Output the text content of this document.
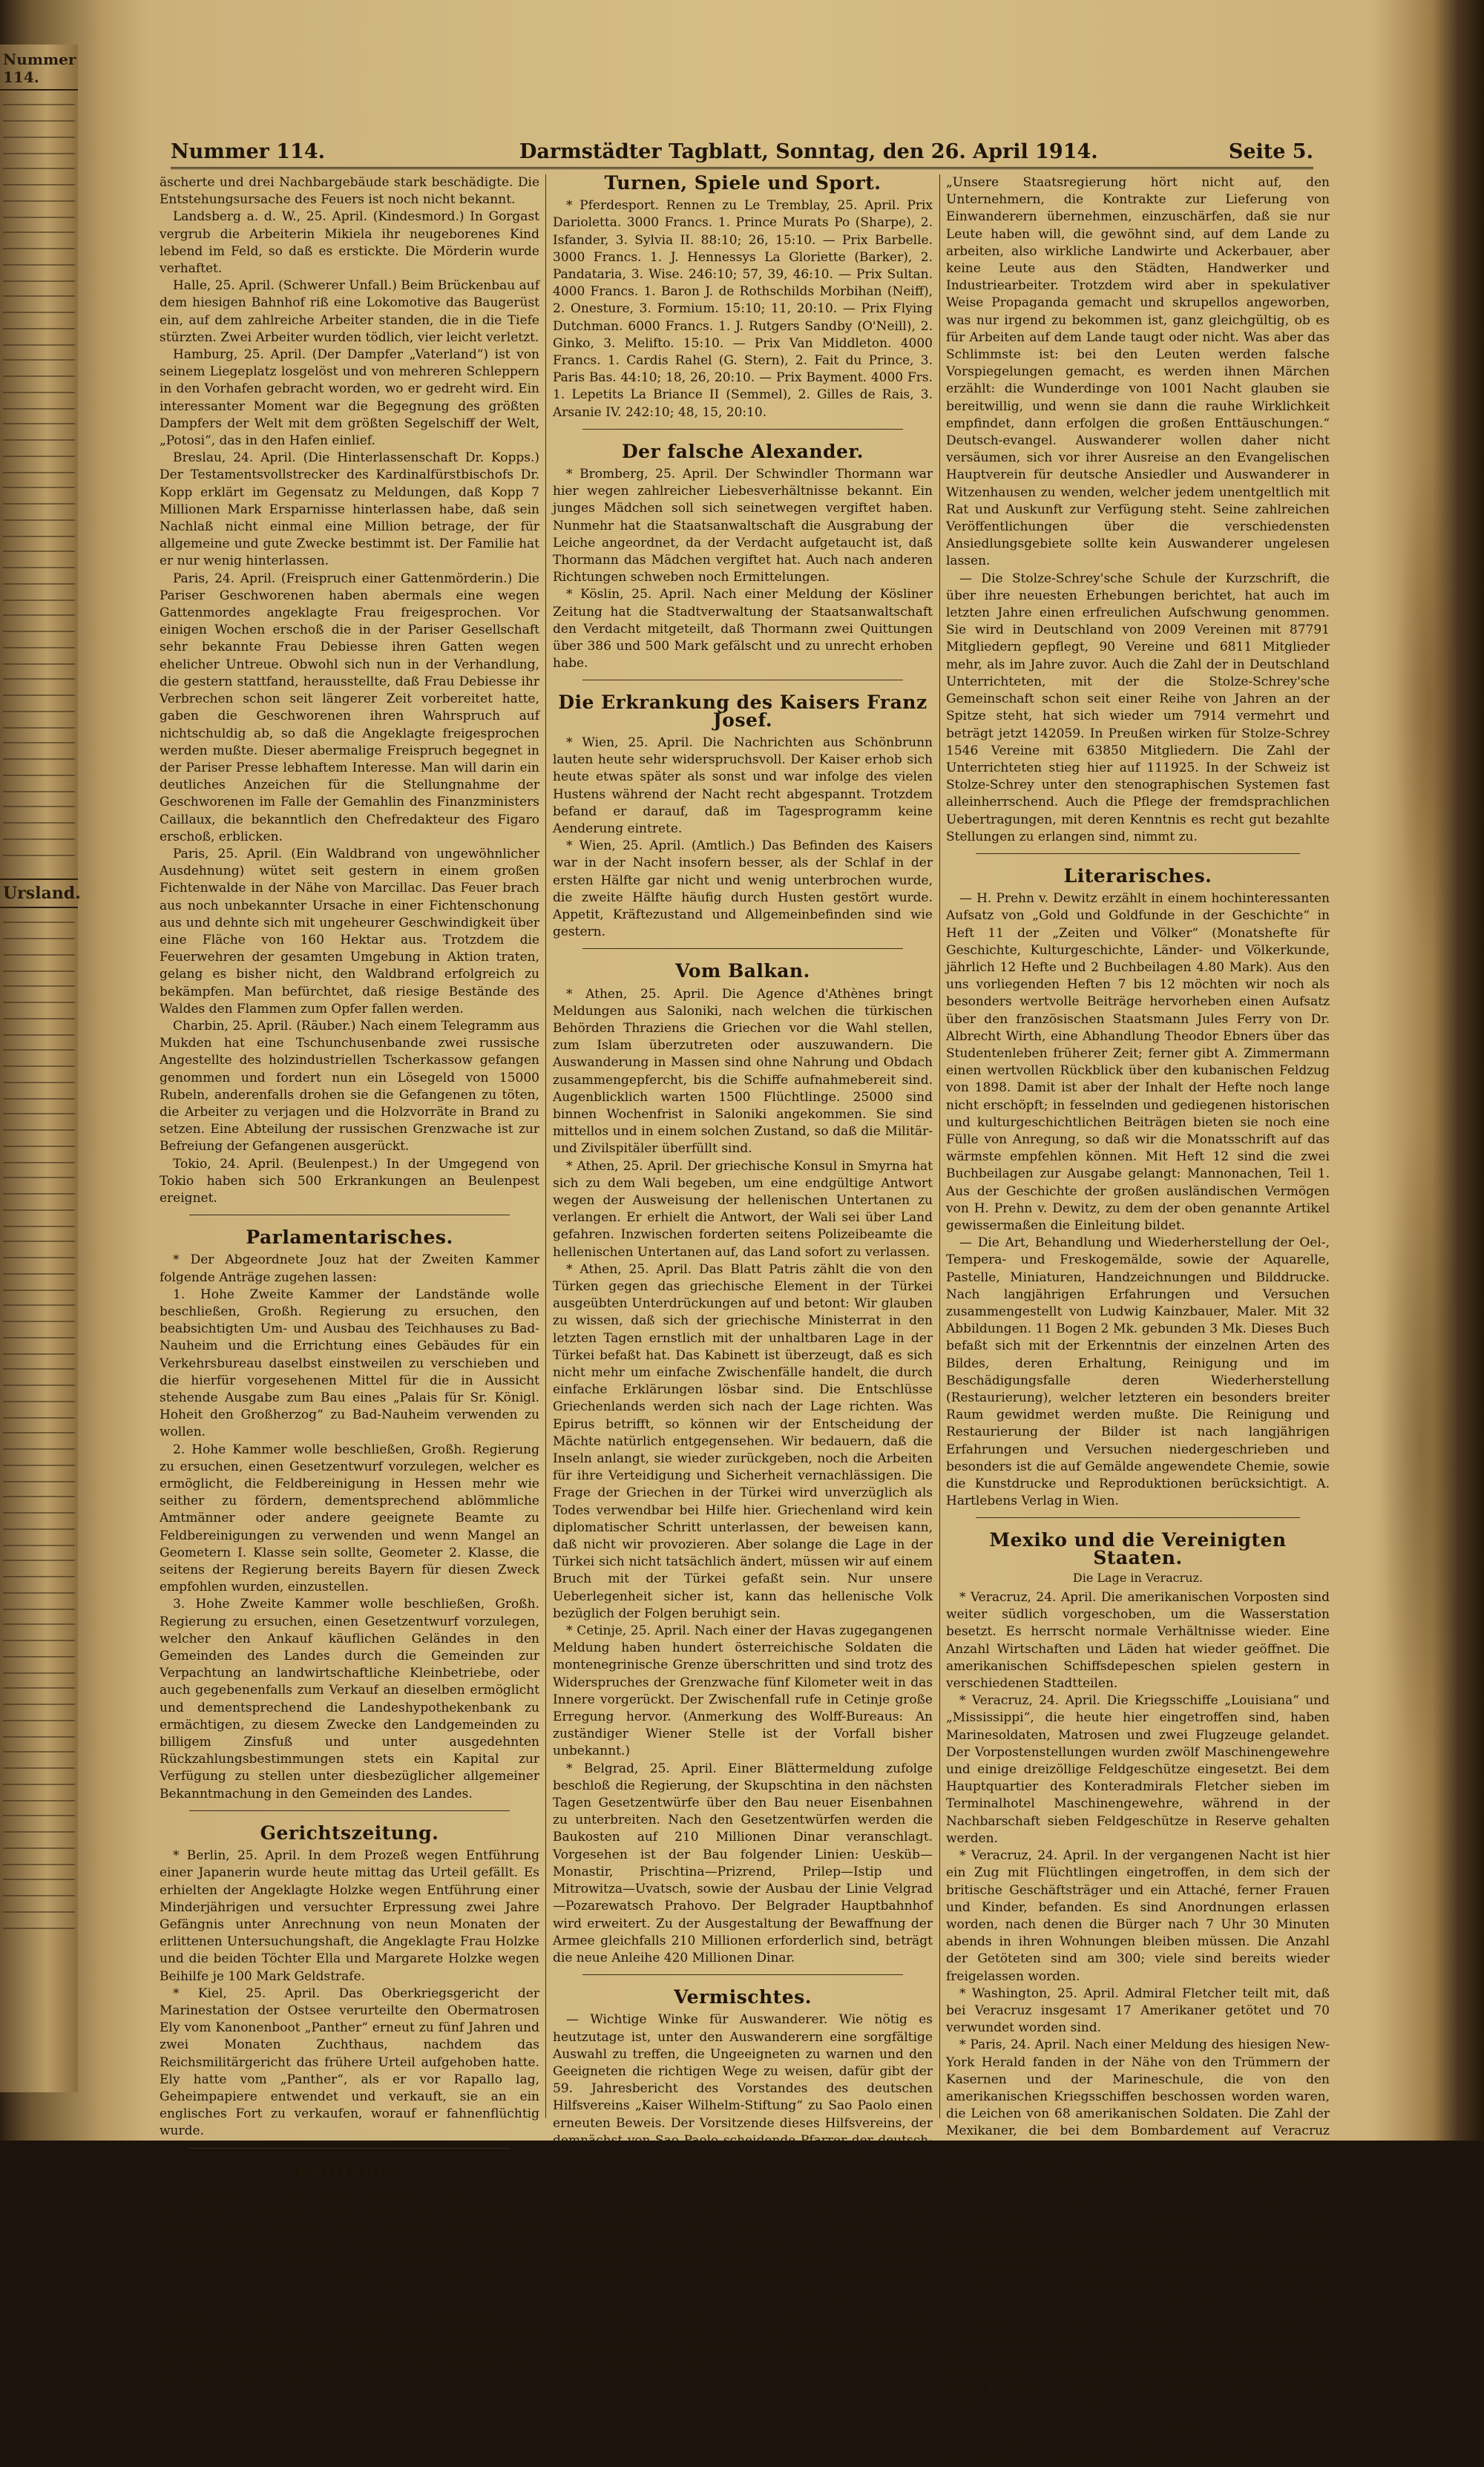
Nummer 114.
Ursland.
Nummer 114.	Darmstädter Tagblatt, Sonntag, den 26. April 1914.	Seite 5.

äscherte und drei Nachbargebäude stark beschädigte. Die Entstehungsursache des Feuers ist noch nicht bekannt.

Landsberg a. d. W., 25. April. (Kindesmord.) In Gorgast vergrub die Arbeiterin Mikiela ihr neugeborenes Kind lebend im Feld, so daß es erstickte. Die Mörderin wurde verhaftet.

Halle, 25. April. (Schwerer Unfall.) Beim Brückenbau auf dem hiesigen Bahnhof riß eine Lokomotive das Baugerüst ein, auf dem zahlreiche Arbeiter standen, die in die Tiefe stürzten. Zwei Arbeiter wurden tödlich, vier leicht verletzt.

Hamburg, 25. April. (Der Dampfer „Vaterland“) ist von seinem Liegeplatz losgelöst und von mehreren Schleppern in den Vorhafen gebracht worden, wo er gedreht wird. Ein interessanter Moment war die Begegnung des größten Dampfers der Welt mit dem größten Segelschiff der Welt, „Potosi“, das in den Hafen einlief.

Breslau, 24. April. (Die Hinterlassenschaft Dr. Kopps.) Der Testamentsvollstrecker des Kardinalfürstbischofs Dr. Kopp erklärt im Gegensatz zu Meldungen, daß Kopp 7 Millionen Mark Ersparnisse hinterlassen habe, daß sein Nachlaß nicht einmal eine Million betrage, der für allgemeine und gute Zwecke bestimmt ist. Der Familie hat er nur wenig hinterlassen.

Paris, 24. April. (Freispruch einer Gattenmörderin.) Die Pariser Geschworenen haben abermals eine wegen Gattenmordes angeklagte Frau freigesprochen. Vor einigen Wochen erschoß die in der Pariser Gesellschaft sehr bekannte Frau Debiesse ihren Gatten wegen ehelicher Untreue. Obwohl sich nun in der Verhandlung, die gestern stattfand, herausstellte, daß Frau Debiesse ihr Verbrechen schon seit längerer Zeit vorbereitet hatte, gaben die Geschworenen ihren Wahrspruch auf nichtschuldig ab, so daß die Angeklagte freigesprochen werden mußte. Dieser abermalige Freispruch begegnet in der Pariser Presse lebhaftem Interesse. Man will darin ein deutliches Anzeichen für die Stellungnahme der Geschworenen im Falle der Gemahlin des Finanzministers Caillaux, die bekanntlich den Chefredakteur des Figaro erschoß, erblicken.

Paris, 25. April. (Ein Waldbrand von ungewöhnlicher Ausdehnung) wütet seit gestern in einem großen Fichtenwalde in der Nähe von Marcillac. Das Feuer brach aus noch unbekannter Ursache in einer Fichtenschonung aus und dehnte sich mit ungeheurer Geschwindigkeit über eine Fläche von 160 Hektar aus. Trotzdem die Feuerwehren der gesamten Umgebung in Aktion traten, gelang es bisher nicht, den Waldbrand erfolgreich zu bekämpfen. Man befürchtet, daß riesige Bestände des Waldes den Flammen zum Opfer fallen werden.

Charbin, 25. April. (Räuber.) Nach einem Telegramm aus Mukden hat eine Tschunchusenbande zwei russische Angestellte des holzindustriellen Tscherkassow gefangen genommen und fordert nun ein Lösegeld von 15000 Rubeln, anderenfalls drohen sie die Gefangenen zu töten, die Arbeiter zu verjagen und die Holzvorräte in Brand zu setzen. Eine Abteilung der russischen Grenzwache ist zur Befreiung der Gefangenen ausgerückt.

Tokio, 24. April. (Beulenpest.) In der Umgegend von Tokio haben sich 500 Erkrankungen an Beulenpest ereignet.

Parlamentarisches.

* Der Abgeordnete Jouz hat der Zweiten Kammer folgende Anträge zugehen lassen:

1. Hohe Zweite Kammer der Landstände wolle beschließen, Großh. Regierung zu ersuchen, den beabsichtigten Um- und Ausbau des Teichhauses zu Bad-Nauheim und die Errichtung eines Gebäudes für ein Verkehrsbureau daselbst einstweilen zu verschieben und die hierfür vorgesehenen Mittel für die in Aussicht stehende Ausgabe zum Bau eines „Palais für Sr. Königl. Hoheit den Großherzog“ zu Bad-Nauheim verwenden zu wollen.

2. Hohe Kammer wolle beschließen, Großh. Regierung zu ersuchen, einen Gesetzentwurf vorzulegen, welcher es ermöglicht, die Feldbereinigung in Hessen mehr wie seither zu fördern, dementsprechend ablömmliche Amtmänner oder andere geeignete Beamte zu Feldbereinigungen zu verwenden und wenn Mangel an Geometern I. Klasse sein sollte, Geometer 2. Klasse, die seitens der Regierung bereits Bayern für diesen Zweck empfohlen wurden, einzustellen.

3. Hohe Zweite Kammer wolle beschließen, Großh. Regierung zu ersuchen, einen Gesetzentwurf vorzulegen, welcher den Ankauf käuflichen Geländes in den Gemeinden des Landes durch die Gemeinden zur Verpachtung an landwirtschaftliche Kleinbetriebe, oder auch gegebenenfalls zum Verkauf an dieselben ermöglicht und dementsprechend die Landeshypothekenbank zu ermächtigen, zu diesem Zwecke den Landgemeinden zu billigem Zinsfuß und unter ausgedehnten Rückzahlungsbestimmungen stets ein Kapital zur Verfügung zu stellen unter diesbezüglicher allgemeiner Bekanntmachung in den Gemeinden des Landes.

Gerichtszeitung.

* Berlin, 25. April. In dem Prozeß wegen Entführung einer Japanerin wurde heute mittag das Urteil gefällt. Es erhielten der Angeklagte Holzke wegen Entführung einer Minderjährigen und versuchter Erpressung zwei Jahre Gefängnis unter Anrechnung von neun Monaten der erlittenen Untersuchungshaft, die Angeklagte Frau Holzke und die beiden Töchter Ella und Margarete Holzke wegen Beihilfe je 100 Mark Geldstrafe.

* Kiel, 25. April. Das Oberkriegsgericht der Marinestation der Ostsee verurteilte den Obermatrosen Ely vom Kanonenboot „Panther“ erneut zu fünf Jahren und zwei Monaten Zuchthaus, nachdem das Reichsmilitärgericht das frühere Urteil aufgehoben hatte. Ely hatte vom „Panther“, als er vor Rapallo lag, Geheimpapiere entwendet und verkauft, sie an ein englisches Fort zu verkaufen, worauf er fahnenflüchtig wurde.

Luftfahrt.

* Hamburg, 25. April. Einen tollkühnen Flug, der für die Betroffenen glimpflich endete, haben am Donnerstag die beiden Flieger Schlegel und Rohrbach gemacht. Die beiden Piloten gerieten bei einem Fluge Gotha—Schwerin—Hamburg in ein Gewitter, das die Gotha-Taube über eine halbe Stunde lang wie ein Spielzeug durch die Lüfte warf und schließlich die Maschine zu Boden schmetterte. Schlegel schreibt an die Tägliche Rundschau: Seit schossen wir der Erde zu und in unserer Maschine kam ein unerwarteter Stillstand. Glücklicherweise konnten wir uns selbst befreien. Weder ich noch mein Passagier sind ernstlich verletzt worden.

Turnen, Spiele und Sport.

* Pferdesport. Rennen zu Le Tremblay, 25. April. Prix Darioletta. 3000 Francs. 1. Prince Murats Po (Sharpe), 2. Isfander, 3. Sylvia II. 88:10; 26, 15:10. — Prix Barbelle. 3000 Francs. 1. J. Hennessys La Gloriette (Barker), 2. Pandataria, 3. Wise. 246:10; 57, 39, 46:10. — Prix Sultan. 4000 Francs. 1. Baron J. de Rothschilds Morbihan (Neiff), 2. Onesture, 3. Formium. 15:10; 11, 20:10. — Prix Flying Dutchman. 6000 Francs. 1. J. Rutgers Sandby (O'Neill), 2. Ginko, 3. Melifto. 15:10. — Prix Van Middleton. 4000 Francs. 1. Cardis Rahel (G. Stern), 2. Fait du Prince, 3. Paris Bas. 44:10; 18, 26, 20:10. — Prix Bayment. 4000 Frs. 1. Lepetits La Briance II (Semmel), 2. Gilles de Rais, 3. Arsanie IV. 242:10; 48, 15, 20:10.

Der falsche Alexander.

* Bromberg, 25. April. Der Schwindler Thormann war hier wegen zahlreicher Liebesverhältnisse bekannt. Ein junges Mädchen soll sich seinetwegen vergiftet haben. Nunmehr hat die Staatsanwaltschaft die Ausgrabung der Leiche angeordnet, da der Verdacht aufgetaucht ist, daß Thormann das Mädchen vergiftet hat. Auch nach anderen Richtungen schweben noch Ermittelungen.

* Köslin, 25. April. Nach einer Meldung der Kösliner Zeitung hat die Stadtverwaltung der Staatsanwaltschaft den Verdacht mitgeteilt, daß Thormann zwei Quittungen über 386 und 500 Mark gefälscht und zu unrecht erhoben habe.

Die Erkrankung des Kaisers Franz Josef.

* Wien, 25. April. Die Nachrichten aus Schönbrunn lauten heute sehr widerspruchsvoll. Der Kaiser erhob sich heute etwas später als sonst und war infolge des vielen Hustens während der Nacht recht abgespannt. Trotzdem befand er darauf, daß im Tagesprogramm keine Aenderung eintrete.

* Wien, 25. April. (Amtlich.) Das Befinden des Kaisers war in der Nacht insofern besser, als der Schlaf in der ersten Hälfte gar nicht und wenig unterbrochen wurde, die zweite Hälfte häufig durch Husten gestört wurde. Appetit, Kräftezustand und Allgemeinbefinden sind wie gestern.

Vom Balkan.

* Athen, 25. April. Die Agence d'Athènes bringt Meldungen aus Saloniki, nach welchen die türkischen Behörden Thraziens die Griechen vor die Wahl stellen, zum Islam überzutreten oder auszuwandern. Die Auswanderung in Massen sind ohne Nahrung und Obdach zusammengepfercht, bis die Schiffe aufnahmebereit sind. Augenblicklich warten 1500 Flüchtlinge. 25000 sind binnen Wochenfrist in Saloniki angekommen. Sie sind mittellos und in einem solchen Zustand, so daß die Militär- und Zivilspitäler überfüllt sind.

* Athen, 25. April. Der griechische Konsul in Smyrna hat sich zu dem Wali begeben, um eine endgültige Antwort wegen der Ausweisung der hellenischen Untertanen zu verlangen. Er erhielt die Antwort, der Wali sei über Land gefahren. Inzwischen forderten seitens Polizeibeamte die hellenischen Untertanen auf, das Land sofort zu verlassen.

* Athen, 25. April. Das Blatt Patris zählt die von den Türken gegen das griechische Element in der Türkei ausgeübten Unterdrückungen auf und betont: Wir glauben zu wissen, daß sich der griechische Ministerrat in den letzten Tagen ernstlich mit der unhaltbaren Lage in der Türkei befaßt hat. Das Kabinett ist überzeugt, daß es sich nicht mehr um einfache Zwischenfälle handelt, die durch einfache Erklärungen lösbar sind. Die Entschlüsse Griechenlands werden sich nach der Lage richten. Was Epirus betrifft, so können wir der Entscheidung der Mächte natürlich entgegensehen. Wir bedauern, daß die Inseln anlangt, sie wieder zurückgeben, noch die Arbeiten für ihre Verteidigung und Sicherheit vernachlässigen. Die Frage der Griechen in der Türkei wird unverzüglich als Todes verwendbar bei Hilfe hier. Griechenland wird kein diplomatischer Schritt unterlassen, der beweisen kann, daß nicht wir provozieren. Aber solange die Lage in der Türkei sich nicht tatsächlich ändert, müssen wir auf einem Bruch mit der Türkei gefaßt sein. Nur unsere Ueberlegenheit sicher ist, kann das hellenische Volk bezüglich der Folgen beruhigt sein.

* Cetinje, 25. April. Nach einer der Havas zugegangenen Meldung haben hundert österreichische Soldaten die montenegrinische Grenze überschritten und sind trotz des Widerspruches der Grenzwache fünf Kilometer weit in das Innere vorgerückt. Der Zwischenfall rufe in Cetinje große Erregung hervor. (Anmerkung des Wolff-Bureaus: An zuständiger Wiener Stelle ist der Vorfall bisher unbekannt.)

* Belgrad, 25. April. Einer Blättermeldung zufolge beschloß die Regierung, der Skupschtina in den nächsten Tagen Gesetzentwürfe über den Bau neuer Eisenbahnen zu unterbreiten. Nach den Gesetzentwürfen werden die Baukosten auf 210 Millionen Dinar veranschlagt. Vorgesehen ist der Bau folgender Linien: Uesküb—Monastir, Prischtina—Prizrend, Prilep—Istip und Mitrowitza—Uvatsch, sowie der Ausbau der Linie Velgrad—Pozarewatsch Prahovo. Der Belgrader Hauptbahnhof wird erweitert. Zu der Ausgestaltung der Bewaffnung der Armee gleichfalls 210 Millionen erforderlich sind, beträgt die neue Anleihe 420 Millionen Dinar.

Vermischtes.

— Wichtige Winke für Auswanderer. Wie nötig es heutzutage ist, unter den Auswanderern eine sorgfältige Auswahl zu treffen, die Ungeeigneten zu warnen und den Geeigneten die richtigen Wege zu weisen, dafür gibt der 59. Jahresbericht des Vorstandes des deutschen Hilfsvereins „Kaiser Wilhelm-Stiftung“ zu Sao Paolo einen erneuten Beweis. Der Vorsitzende dieses Hilfsvereins, der demnächst von Sao Paolo scheidende Pfarrer der deutsch-evangelischen Gemeinde, Pastor Teschendorf, schreibt darüber: „Es kann in diesen Zeiten nicht dringend genug vor der Auswanderung nach der Stadt Sao Paolo gewarnt werden. Zugleich müßten wir Stadt Sao Paolo unterscheiden, da die Kolonien so vieles, daß der Auswandernde ohne jede Fähigkeit, sich mit städtischen Elementen befreundet werden, die sich nach unseren Erfahrungen im deutschen Hilfsverein in jene Verhältnisse absolut nicht hineinfinden können. Daher folgt oder später doch wieder den Städten zuströmen. Sie fallen dann vielfach völlig mittellos uns zur Last fallen. In demselben Sinne äußerte man sich auf dem I. Evangelischen Kongreß in San Manoel, Sao Paolo:

„Unsere Staatsregierung hört nicht auf, den Unternehmern, die Kontrakte zur Lieferung von Einwanderern übernehmen, einzuschärfen, daß sie nur Leute haben will, die gewöhnt sind, auf dem Lande zu arbeiten, also wirkliche Landwirte und Ackerbauer, aber keine Leute aus den Städten, Handwerker und Industriearbeiter. Trotzdem wird aber in spekulativer Weise Propaganda gemacht und skrupellos angeworben, was nur irgend zu bekommen ist, ganz gleichgültig, ob es für Arbeiten auf dem Lande taugt oder nicht. Was aber das Schlimmste ist: bei den Leuten werden falsche Vorspiegelungen gemacht, es werden ihnen Märchen erzählt: die Wunderdinge von 1001 Nacht glauben sie bereitwillig, und wenn sie dann die rauhe Wirklichkeit empfindet, dann erfolgen die großen Enttäuschungen.“ Deutsch-evangel. Auswanderer wollen daher nicht versäumen, sich vor ihrer Ausreise an den Evangelischen Hauptverein für deutsche Ansiedler und Auswanderer in Witzenhausen zu wenden, welcher jedem unentgeltlich mit Rat und Auskunft zur Verfügung steht. Seine zahlreichen Veröffentlichungen über die verschiedensten Ansiedlungsgebiete sollte kein Auswanderer ungelesen lassen.

— Die Stolze-Schrey'sche Schule der Kurzschrift, die über ihre neuesten Erhebungen berichtet, hat auch im letzten Jahre einen erfreulichen Aufschwung genommen. Sie wird in Deutschland von 2009 Vereinen mit 87791 Mitgliedern gepflegt, 90 Vereine und 6811 Mitglieder mehr, als im Jahre zuvor. Auch die Zahl der in Deutschland Unterrichteten, mit der die Stolze-Schrey'sche Gemeinschaft schon seit einer Reihe von Jahren an der Spitze steht, hat sich wieder um 7914 vermehrt und beträgt jetzt 142059. In Preußen wirken für Stolze-Schrey 1546 Vereine mit 63850 Mitgliedern. Die Zahl der Unterrichteten stieg hier auf 111925. In der Schweiz ist Stolze-Schrey unter den stenographischen Systemen fast alleinherrschend. Auch die Pflege der fremdsprachlichen Uebertragungen, mit deren Kenntnis es recht gut bezahlte Stellungen zu erlangen sind, nimmt zu.

Literarisches.

— H. Prehn v. Dewitz erzählt in einem hochinteressanten Aufsatz von „Gold und Goldfunde in der Geschichte“ in Heft 11 der „Zeiten und Völker“ (Monatshefte für Geschichte, Kulturgeschichte, Länder- und Völkerkunde, jährlich 12 Hefte und 2 Buchbeilagen 4.80 Mark). Aus den uns vorliegenden Heften 7 bis 12 möchten wir noch als besonders wertvolle Beiträge hervorheben einen Aufsatz über den französischen Staatsmann Jules Ferry von Dr. Albrecht Wirth, eine Abhandlung Theodor Ebners über das Studentenleben früherer Zeit; ferner gibt A. Zimmermann einen wertvollen Rückblick über den kubanischen Feldzug von 1898. Damit ist aber der Inhalt der Hefte noch lange nicht erschöpft; in fesselnden und gediegenen historischen und kulturgeschichtlichen Beiträgen bieten sie noch eine Fülle von Anregung, so daß wir die Monatsschrift auf das wärmste empfehlen können. Mit Heft 12 sind die zwei Buchbeilagen zur Ausgabe gelangt: Mannonachen, Teil 1. Aus der Geschichte der großen ausländischen Vermögen von H. Prehn v. Dewitz, zu dem der oben genannte Artikel gewissermaßen die Einleitung bildet.

— Die Art, Behandlung und Wiederherstellung der Oel-, Tempera- und Freskogemälde, sowie der Aquarelle, Pastelle, Miniaturen, Handzeichnungen und Bilddrucke. Nach langjährigen Erfahrungen und Versuchen zusammengestellt von Ludwig Kainzbauer, Maler. Mit 32 Abbildungen. 11 Bogen 2 Mk. gebunden 3 Mk. Dieses Buch befaßt sich mit der Erkenntnis der einzelnen Arten des Bildes, deren Erhaltung, Reinigung und im Beschädigungsfalle deren Wiederherstellung (Restaurierung), welcher letzteren ein besonders breiter Raum gewidmet werden mußte. Die Reinigung und Restaurierung der Bilder ist nach langjährigen Erfahrungen und Versuchen niedergeschrieben und besonders ist die auf Gemälde angewendete Chemie, sowie die Kunstdrucke und Reproduktionen berücksichtigt. A. Hartlebens Verlag in Wien.

Mexiko und die Vereinigten Staaten.
Die Lage in Veracruz.

* Veracruz, 24. April. Die amerikanischen Vorposten sind weiter südlich vorgeschoben, um die Wasserstation besetzt. Es herrscht normale Verhältnisse wieder. Eine Anzahl Wirtschaften und Läden hat wieder geöffnet. Die amerikanischen Schiffsdepeschen spielen gestern in verschiedenen Stadtteilen.

* Veracruz, 24. April. Die Kriegsschiffe „Louisiana“ und „Mississippi“, die heute hier eingetroffen sind, haben Marinesoldaten, Matrosen und zwei Flugzeuge gelandet. Der Vorpostenstellungen wurden zwölf Maschinengewehre und einige dreizöllige Feldgeschütze eingesetzt. Bei dem Hauptquartier des Konteradmirals Fletcher sieben im Terminalhotel Maschinengewehre, während in der Nachbarschaft sieben Feldgeschütze in Reserve gehalten werden.

* Veracruz, 24. April. In der vergangenen Nacht ist hier ein Zug mit Flüchtlingen eingetroffen, in dem sich der britische Geschäftsträger und ein Attaché, ferner Frauen und Kinder, befanden. Es sind Anordnungen erlassen worden, nach denen die Bürger nach 7 Uhr 30 Minuten abends in ihren Wohnungen bleiben müssen. Die Anzahl der Getöteten sind am 300; viele sind bereits wieder freigelassen worden.

* Washington, 25. April. Admiral Fletcher teilt mit, daß bei Veracruz insgesamt 17 Amerikaner getötet und 70 verwundet worden sind.

* Paris, 24. April. Nach einer Meldung des hiesigen New-York Herald fanden in der Nähe von den Trümmern der Kasernen und der Marineschule, die von den amerikanischen Kriegsschiffen beschossen worden waren, die Leichen von 68 amerikanischen Soldaten. Die Zahl der Mexikaner, die bei dem Bombardement auf Veracruz gefallenen Mexikaner beträgt 182. Nach einer Depesche desselben Blattes wurden die von den amerikanischen Truppen auf Laredo abgefeuerten Kanonenschüsse durch mexikanische Truppen nach den amerikanischen Grenzposten erwidert. Die Mexikaner feuerten auf die amerikanischen Grenzpatrouille, welche den Angriff erwiderte, tötete etwa 10 Mexikaner.

* Washington, 24. April. Konteradmiral Badger meldet, daß Veracruz verhältnismäßig ruhig ist, und daß die amerikanischen Truppen wie Möglichkeit, um in die Ordnung wiederherzustellen. Amerikanische Schiffskapellen geben in den Straßen der Stadt Konzerte. Der amerikanische Kriegssekretär teilte heute dem Gouverneur von Texas mit, daß auf seine Bitte Washington keine Truppen schicken würde. Nachdem jedoch sich ein weiteres Regiment regulärer Truppen an die Grenze geschickt werden wird. Das Kriegsamt hat Instruktionen zum Schutze der internationalen Brücke erlassen. Der Brückenschutz müsse jetzt von amerikanischen
